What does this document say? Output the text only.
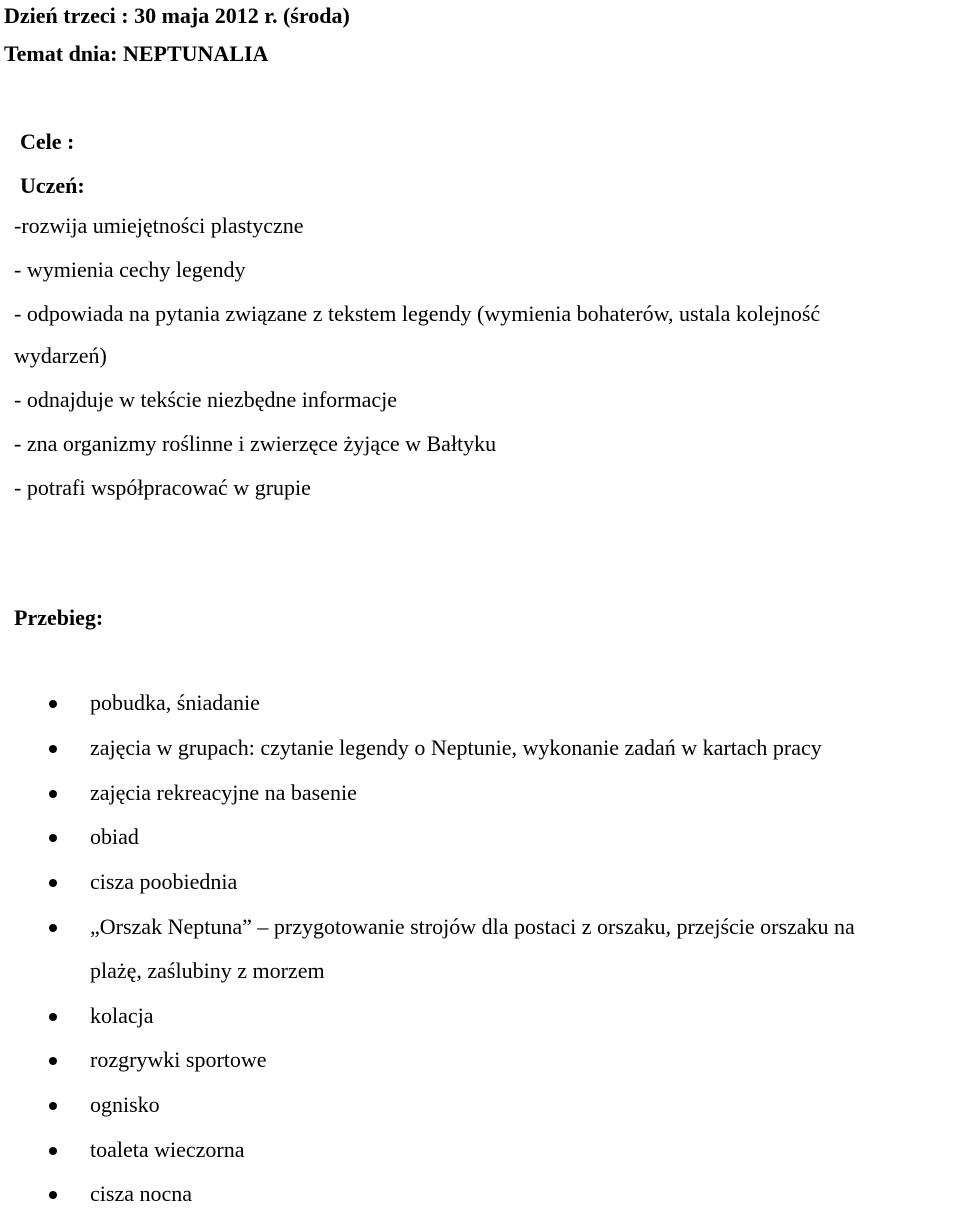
Dzień trzeci : 30 maja 2012 r. (środa)
Temat dnia: NEPTUNALIA
Cele :
Uczeń:
-rozwija umiejętności plastyczne
- wymienia cechy legendy
- odpowiada na pytania związane z tekstem legendy (wymienia bohaterów, ustala kolejność
wydarzeń)
- odnajduje w tekście niezbędne informacje
- zna organizmy roślinne i zwierzęce żyjące w Bałtyku
- potrafi współpracować w grupie
Przebieg:
pobudka, śniadanie
zajęcia w grupach: czytanie legendy o Neptunie, wykonanie zadań w kartach pracy
zajęcia rekreacyjne na basenie
obiad
cisza poobiednia
„Orszak Neptuna” – przygotowanie strojów dla postaci z orszaku, przejście orszaku na
plażę, zaślubiny z morzem
kolacja
rozgrywki sportowe
ognisko
toaleta wieczorna
cisza nocna
